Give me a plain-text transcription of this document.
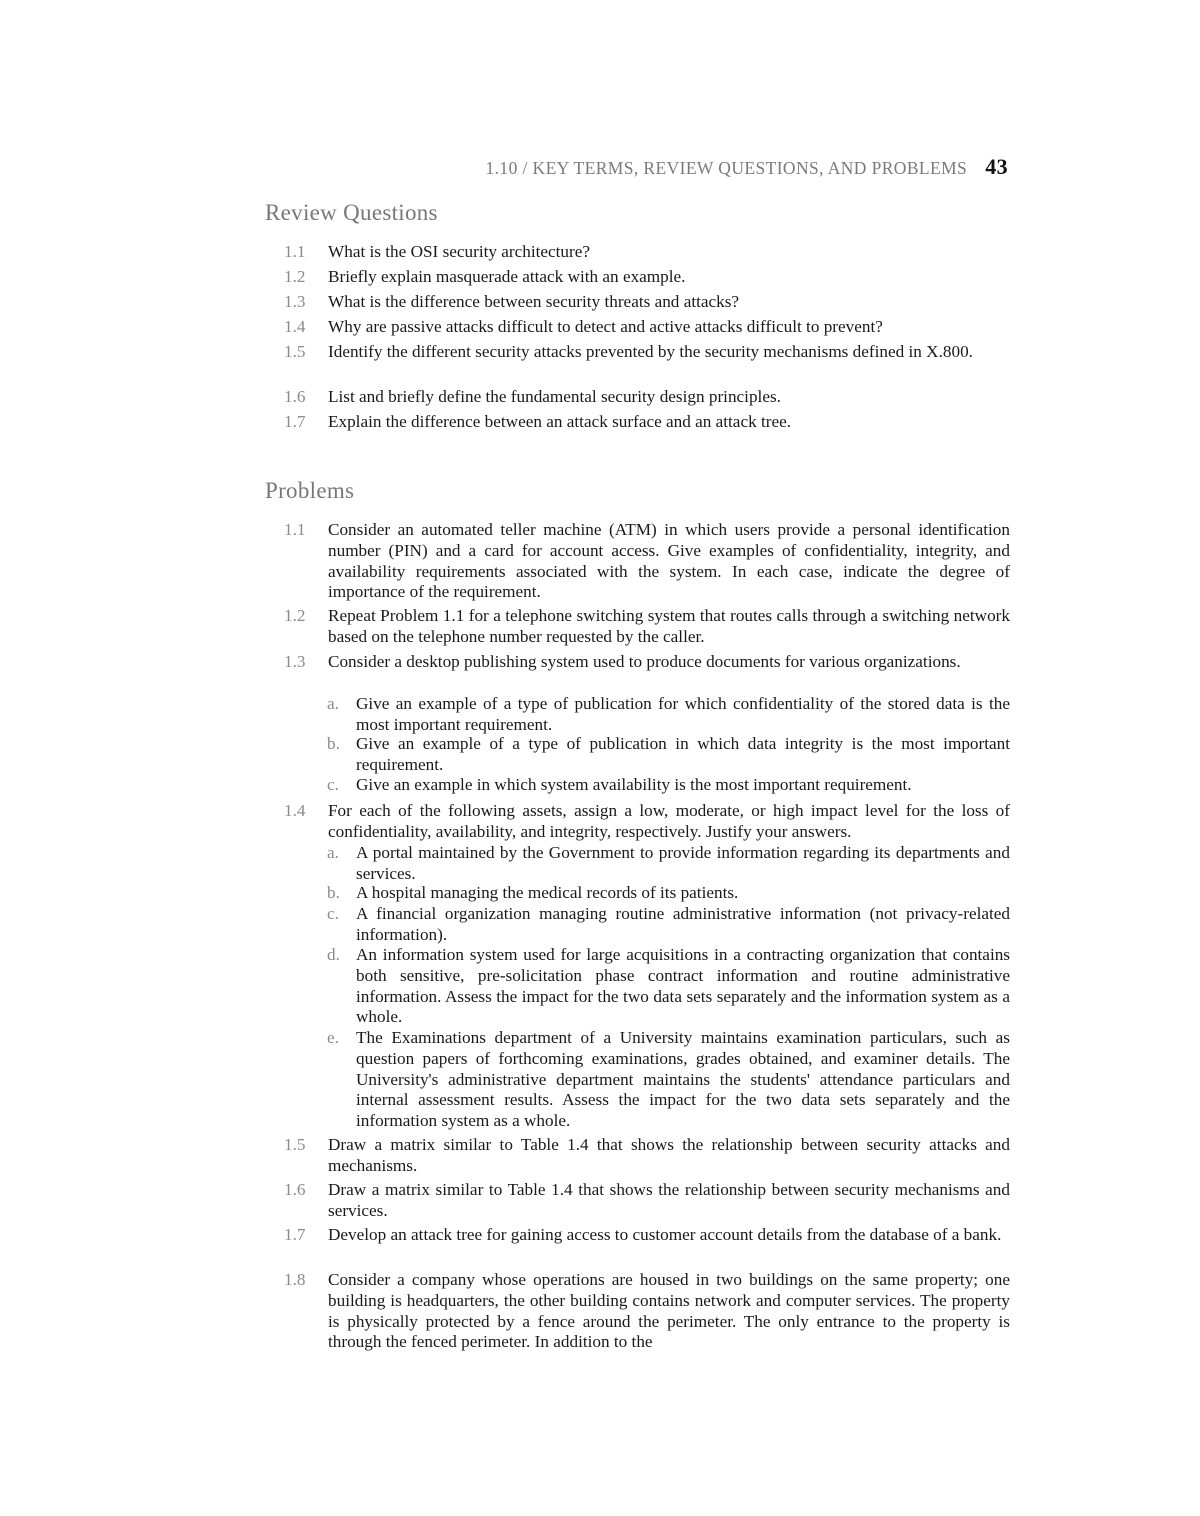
1.10 / KEY TERMS, REVIEW QUESTIONS, AND PROBLEMS 43
Review Questions
1.1	What is the OSI security architecture?
1.2	Briefly explain masquerade attack with an example.
1.3	What is the difference between security threats and attacks?
1.4	Why are passive attacks difficult to detect and active attacks difficult to prevent?
1.5	Identify the different security attacks prevented by the security mechanisms defined in X.800.
1.6	List and briefly define the fundamental security design principles.
1.7	Explain the difference between an attack surface and an attack tree.
Problems
1.1	Consider an automated teller machine (ATM) in which users provide a personal identification number (PIN) and a card for account access. Give examples of confidentiality, integrity, and availability requirements associated with the system. In each case, indicate the degree of importance of the requirement.
1.2	Repeat Problem 1.1 for a telephone switching system that routes calls through a switching network based on the telephone number requested by the caller.
1.3	Consider a desktop publishing system used to produce documents for various organizations.
a. Give an example of a type of publication for which confidentiality of the stored data is the most important requirement.
b. Give an example of a type of publication in which data integrity is the most important requirement.
c. Give an example in which system availability is the most important requirement.
1.4	For each of the following assets, assign a low, moderate, or high impact level for the loss of confidentiality, availability, and integrity, respectively. Justify your answers.
a. A portal maintained by the Government to provide information regarding its departments and services.
b. A hospital managing the medical records of its patients.
c. A financial organization managing routine administrative information (not privacy-related information).
d. An information system used for large acquisitions in a contracting organization that contains both sensitive, pre-solicitation phase contract information and routine administrative information. Assess the impact for the two data sets separately and the information system as a whole.
e. The Examinations department of a University maintains examination particulars, such as question papers of forthcoming examinations, grades obtained, and examiner details. The University's administrative department maintains the students' attendance particulars and internal assessment results. Assess the impact for the two data sets separately and the information system as a whole.
1.5	Draw a matrix similar to Table 1.4 that shows the relationship between security attacks and mechanisms.
1.6	Draw a matrix similar to Table 1.4 that shows the relationship between security mechanisms and services.
1.7	Develop an attack tree for gaining access to customer account details from the database of a bank.
1.8	Consider a company whose operations are housed in two buildings on the same property; one building is headquarters, the other building contains network and computer services. The property is physically protected by a fence around the perimeter. The only entrance to the property is through the fenced perimeter. In addition to the
